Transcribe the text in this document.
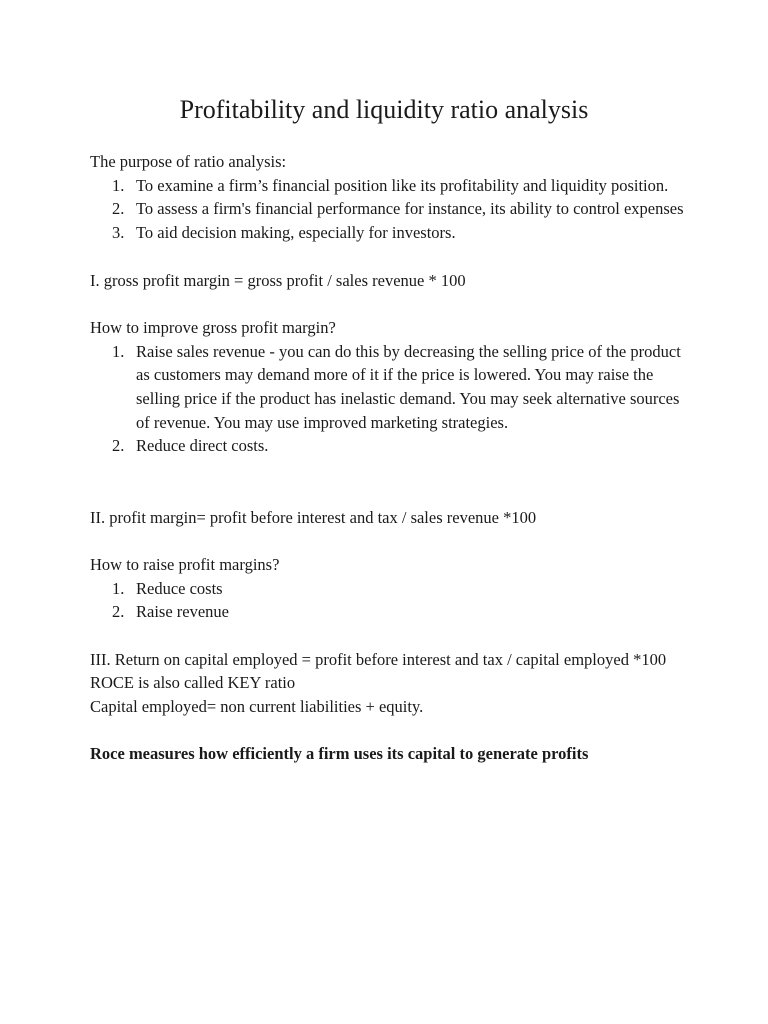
Profitability and liquidity ratio analysis

The purpose of ratio analysis:

1. To examine a firm’s financial position like its profitability and liquidity position.
2. To assess a firm's financial performance for instance, its ability to control expenses
3. To aid decision making, especially for investors.

I. gross profit margin = gross profit / sales revenue * 100

How to improve gross profit margin?

1. Raise sales revenue - you can do this by decreasing the selling price of the product as customers may demand more of it if the price is lowered. You may raise the selling price if the product has inelastic demand. You may seek alternative sources of revenue. You may use improved marketing strategies.
2. Reduce direct costs.

II. profit margin= profit before interest and tax / sales revenue *100

How to raise profit margins?

1. Reduce costs
2. Raise revenue

III. Return on capital employed = profit before interest and tax / capital employed *100

ROCE is also called KEY ratio

Capital employed= non current liabilities + equity.

Roce measures how efficiently a firm uses its capital to generate profits
